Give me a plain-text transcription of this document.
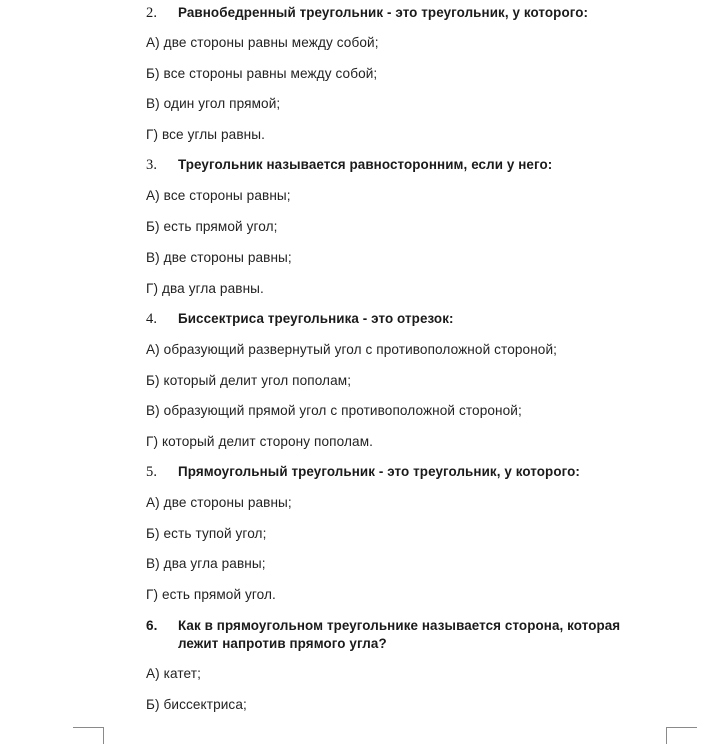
2. Равнобедренный треугольник - это треугольник, у которого:
А) две стороны равны между собой;
Б) все стороны равны между собой;
В) один угол прямой;
Г) все углы равны.
3. Треугольник называется равносторонним, если у него:
А) все стороны равны;
Б) есть прямой угол;
В) две стороны равны;
Г) два угла равны.
4. Биссектриса треугольника - это отрезок:
А) образующий развернутый угол с противоположной стороной;
Б) который делит угол пополам;
В) образующий прямой угол с противоположной стороной;
Г) который делит сторону пополам.
5. Прямоугольный треугольник - это треугольник, у которого:
А) две стороны равны;
Б) есть тупой угол;
В) два угла равны;
Г) есть прямой угол.
6. Как в прямоугольном треугольнике называется сторона, которая лежит напротив прямого угла?
А) катет;
Б) биссектриса;
